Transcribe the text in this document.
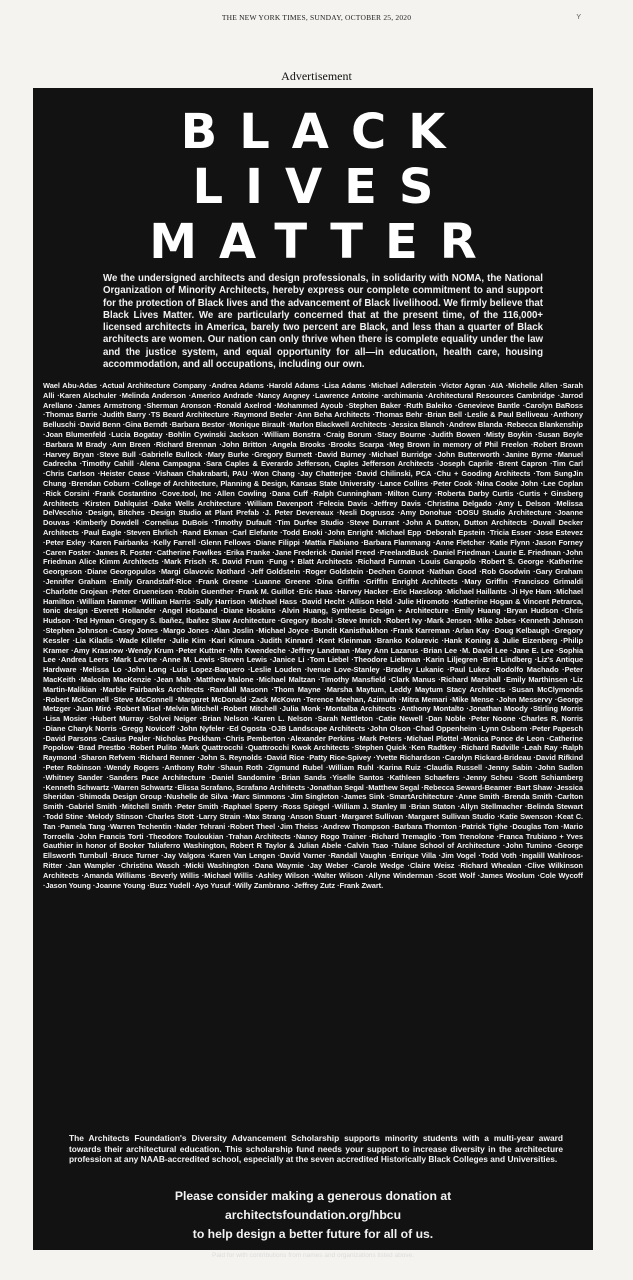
THE NEW YORK TIMES, SUNDAY, OCTOBER 25, 2020	Y
Advertisement
BLACK
LIVES
MATTER

We the undersigned architects and design professionals, in solidarity with NOMA, the National Organization of Minority Architects, hereby express our complete commitment to and support for the protection of Black lives and the advancement of Black livelihood. We firmly believe that Black Lives Matter. We are particularly concerned that at the present time, of the 116,000+ licensed architects in America, barely two percent are Black, and less than a quarter of Black architects are women. Our nation can only thrive when there is complete equality under the law and the justice system, and equal opportunity for all—in education, health care, housing accommodation, and all occupations, including our own.

Wael Abu-Adas · Actual Architecture Company · Andrea Adams · Harold Adams · Lisa Adams · Michael Adlerstein · Victor Agran · AIA · Michelle Allen · Sarah Alli · Karen Alschuler · Melinda Anderson · Americo Andrade · Nancy Angney · Lawrence Antoine · archimania · Architectural Resources Cambridge · Jarrod Arellano · James Armstrong · Sherman Aronson · Ronald Axelrod · Mohammed Ayoub · Stephen Baker · Ruth Baleiko · Genevieve Bantle · Carolyn BaRoss · Thomas Barrie · Judith Barry · TS Beard Architecture · Raymond Beeler · Ann Beha Architects · Thomas Behr · Brian Bell · Leslie & Paul Belliveau · Anthony Belluschi · David Benn · Gina Berndt · Barbara Bestor · Monique Birault · Marlon Blackwell Architects · Jessica Blanch · Andrew Blanda · Rebecca Blankenship · Joan Blumenfeld · Lucia Bogatay · Bohlin Cywinski Jackson · William Bonstra · Craig Borum · Stacy Bourne · Judith Bowen · Misty Boykin · Susan Boyle · Barbara M Brady · Ann Breen · Richard Brennan · John Britton · Angela Brooks · Brooks Scarpa · Meg Brown in memory of Phil Freelon · Robert Brown · Harvey Bryan · Steve Bull · Gabrielle Bullock · Mary Burke · Gregory Burnett · David Burney · Michael Burridge · John Butterworth · Janine Byrne · Manuel Cadrecha · Timothy Cahill · Alena Campagna · Sara Caples & Everardo Jefferson, Caples Jefferson Architects · Joseph Caprile · Brent Capron · Tim Carl · Chris Carlson · Heister Cease · Vishaan Chakrabarti, PAU · Won Chang · Jay Chatterjee · David Chilinski, PCA · Chu + Gooding Architects · Tom SungJin Chung · Brendan Coburn · College of Architecture, Planning & Design, Kansas State University · Lance Collins · Peter Cook · Nina Cooke John · Lee Coplan · Rick Corsini · Frank Costantino · Cove.tool, Inc · Allen Cowling · Dana Cuff · Ralph Cunningham · Milton Curry · Roberta Darby Curtis · Curtis + Ginsberg Architects · Kirsten Dahlquist · Dake Wells Architecture · William Davenport · Felecia Davis · Jeffrey Davis · Christina Delgado · Amy L Delson · Melissa DelVecchio · Design, Bitches · Design Studio at Plant Prefab · J. Peter Devereaux · Nesli Dogrusoz · Amy Donohue · DOSU Studio Architecture · Joanne Douvas · Kimberly Dowdell · Cornelius DuBois · Timothy Dufault · Tim Durfee Studio · Steve Durrant · John A Dutton, Dutton Architects · Duvall Decker Architects · Paul Eagle · Steven Ehrlich · Rand Ekman · Carl Elefante · Todd Enoki · John Enright · Michael Epp · Deborah Epstein · Tricia Esser · Jose Estevez · Peter Exley · Karen Fairbanks · Kelly Farrell · Glenn Fellows · Diane Filippi · Mattia Flabiano · Barbara Flammang · Anne Fletcher · Katie Flynn · Jason Forney · Caren Foster · James R. Foster · Catherine Fowlkes · Erika Franke · Jane Frederick · Daniel Freed · FreelandBuck · Daniel Friedman · Laurie E. Friedman · John Friedman Alice Kimm Architects · Mark Frisch · R. David Frum · Fung + Blatt Architects · Richard Furman · Louis Garapolo · Robert S. George · Katherine Georgeson · Diane Georgopulos · Margi Glavovic Nothard · Jeff Goldstein · Roger Goldstein · Dechen Gonnot · Nathan Good · Rob Goodwin · Gary Graham · Jennifer Graham · Emily Grandstaff-Rice · Frank Greene · Luanne Greene · Dina Griffin · Griffin Enright Architects · Mary Griffin · Francisco Grimaldi · Charlotte Grojean · Peter Grueneisen · Robin Guenther · Frank M. Guillot · Eric Haas · Harvey Hacker · Eric Haesloop · Michael Haillants · Ji Hye Ham · Michael Hamilton · William Hammer · William Harris · Sally Harrison · Michael Hass · David Hecht · Allison Held · Julie Hiromoto · Katherine Hogan & Vincent Petrarca, tonic design · Everett Hollander · Angel Hosband · Diane Hoskins · Alvin Huang, Synthesis Design + Architecture · Emily Huang · Bryan Hudson · Chris Hudson · Ted Hyman · Gregory S. Ibañez, Ibañez Shaw Architecture · Gregory Iboshi · Steve Imrich · Robert Ivy · Mark Jensen · Mike Jobes · Kenneth Johnson · Stephen Johnson · Casey Jones · Margo Jones · Alan Joslin · Michael Joyce · Bundit Kanisthakhon · Frank Karreman · Arlan Kay · Doug Kelbaugh · Gregory Kessler · Lia Kiladis · Wade Killefer · Julie Kim · Kari Kimura · Judith Kinnard · Kent Kleinman · Branko Kolarevic · Hank Koning & Julie Eizenberg · Philip Kramer · Amy Krasnow · Wendy Krum · Peter Kuttner · Nfn Kwendeche · Jeffrey Landman · Mary Ann Lazarus · Brian Lee · M. David Lee · Jane E. Lee · Sophia Lee · Andrea Leers · Mark Levine · Anne M. Lewis · Steven Lewis · Janice Li · Tom Liebel · Theodore Liebman · Karin Liljegren · Britt Lindberg · Liz's Antique Hardware · Melissa Lo · John Long · Luis Lopez-Baquero · Leslie Louden · Ivenue Love-Stanley · Bradley Lukanic · Paul Lukez · Rodolfo Machado · Peter MacKeith · Malcolm MacKenzie · Jean Mah · Matthew Malone · Michael Maltzan · Timothy Mansfield · Clark Manus · Richard Marshall · Emily Marthinsen · Liz Martin-Malikian · Marble Fairbanks Architects · Randall Masonn · Thom Mayne · Marsha Maytum, Leddy Maytum Stacy Architects · Susan McClymonds · Robert McConnell · Steve McConnell · Margaret McDonald · Zack McKown · Terence Meehan, Azimuth · Mitra Memari · Mike Mense · John Messervy · George Metzger · Juan Miró · Robert Misel · Melvin Mitchell · Robert Mitchell · Julia Monk · Montalba Architects · Anthony Montalto · Jonathan Moody · Stirling Morris · Lisa Mosier · Hubert Murray · Solvei Neiger · Brian Nelson · Karen L. Nelson · Sarah Nettleton · Catie Newell · Dan Noble · Peter Noone · Charles R. Norris · Diane Charyk Norris · Gregg Novicoff · John Nyfeler · Ed Ogosta · OJB Landscape Architects · John Olson · Chad Oppenheim · Lynn Osborn · Peter Papesch · David Parsons · Casius Pealer · Nicholas Peckham · Chris Pemberton · Alexander Perkins · Mark Peters · Michael Plottel · Monica Ponce de Leon · Catherine Popolow · Brad Prestbo · Robert Pulito · Mark Quattrocchi · Quattrocchi Kwok Architects · Stephen Quick · Ken Radtkey · Richard Radville · Leah Ray · Ralph Raymond · Sharon Refvem · Richard Renner · John S. Reynolds · David Rice · Patty Rice-Spivey · Yvette Richardson · Carolyn Rickard-Brideau · David Rifkind · Peter Robinson · Wendy Rogers · Anthony Rohr · Shaun Roth · Zigmund Rubel · William Ruhl · Karina Ruiz · Claudia Russell · Jenny Sabin · John Sadlon · Whitney Sander · Sanders Pace Architecture · Daniel Sandomire · Brian Sands · Yiselle Santos · Kathleen Schaefers · Jenny Scheu · Scott Schiamberg · Kenneth Schwartz · Warren Schwartz · Elissa Scrafano, Scrafano Architects · Jonathan Segal · Matthew Segal · Rebecca Seward-Beamer · Bart Shaw · Jessica Sheridan · Shimoda Design Group · Nushelle de Silva · Marc Simmons · Jim Singleton · James Sink · SmartArchitecture · Anne Smith · Brenda Smith · Carlton Smith · Gabriel Smith · Mitchell Smith · Peter Smith · Raphael Sperry · Ross Spiegel · William J. Stanley III · Brian Staton · Allyn Stellmacher · Belinda Stewart · Todd Stine · Melody Stinson · Charles Stott · Larry Strain · Max Strang · Anson Stuart · Margaret Sullivan · Margaret Sullivan Studio · Katie Swenson · Keat C. Tan · Pamela Tang · Warren Techentin · Nader Tehrani · Robert Theel · Jim Theiss · Andrew Thompson · Barbara Thornton · Patrick Tighe · Douglas Tom · Mario Torroella · John Francis Torti · Theodore Touloukian · Trahan Architects · Nancy Rogo Trainer · Richard Tremaglio · Tom Trenolone · Franca Trubiano + Yves Gauthier in honor of Booker Taliaferro Washington, Robert R Taylor & Julian Abele · Calvin Tsao · Tulane School of Architecture · John Tumino · George Ellsworth Turnbull · Bruce Turner · Jay Valgora · Karen Van Lengen · David Varner · Randall Vaughn · Enrique Villa · Jim Vogel · Todd Voth · Ingalill Wahlroos-Ritter · Jan Wampler · Christina Wasch · Micki Washington · Dana Waymie · Jay Weber · Carole Wedge · Claire Weisz · Richard Whealan · Clive Wilkinson Architects · Amanda Williams · Beverly Willis · Michael Willis · Ashley Wilson · Walter Wilson · Allyne Winderman · Scott Wolf · James Woolum · Cole Wycoff · Jason Young · Joanne Young · Buzz Yudell · Ayo Yusuf · Willy Zambrano · Jeffrey Zutz · Frank Zwart.

The Architects Foundation's Diversity Advancement Scholarship supports minority students with a multi-year award towards their architectural education. This scholarship fund needs your support to increase diversity in the architecture profession at any NAAB-accredited school, especially at the seven accredited Historically Black Colleges and Universities.

Please consider making a generous donation at
architectsfoundation.org/hbcu
to help design a better future for all of us.

Paid for with contributions from names and organizations listed above.
